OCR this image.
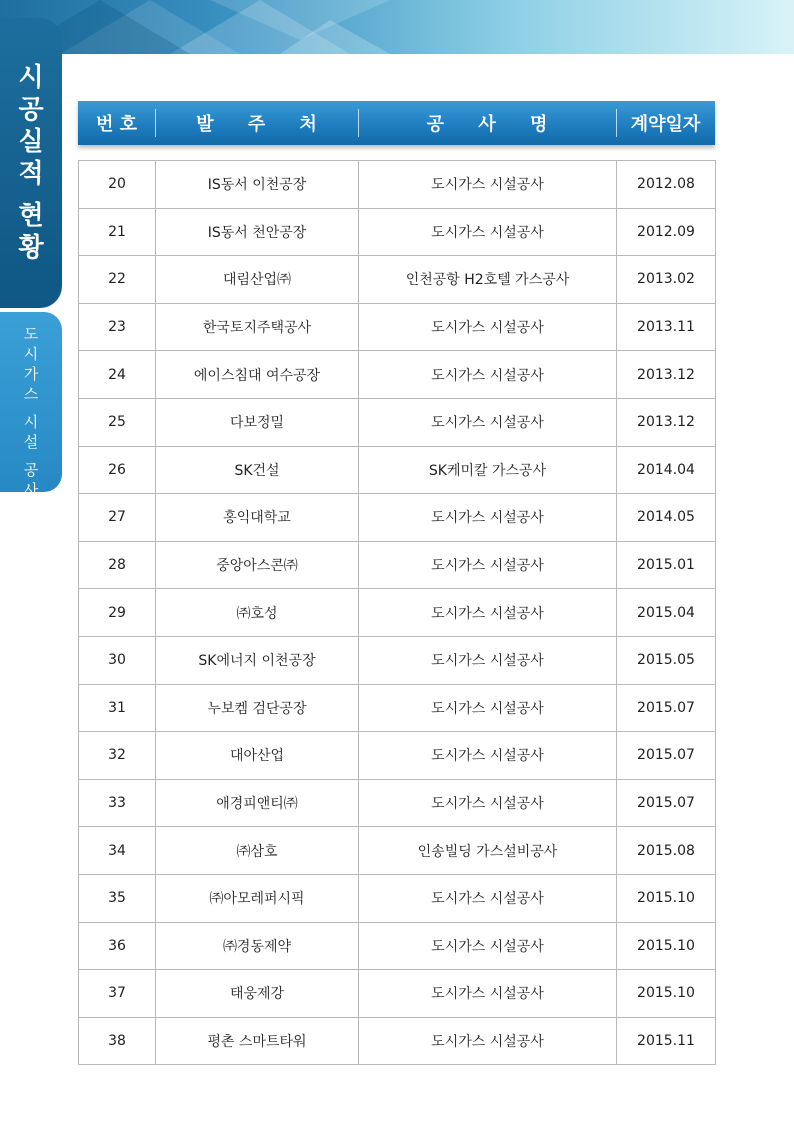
시
공
실
적
현
황
도
시
가
스
시
설
공
사
번 호	발 주 처	공 사 명	계약일자
20	IS동서 이천공장	도시가스 시설공사	2012.08
21	IS동서 천안공장	도시가스 시설공사	2012.09
22	대림산업㈜	인천공항 H2호텔 가스공사	2013.02
23	한국토지주택공사	도시가스 시설공사	2013.11
24	에이스침대 여수공장	도시가스 시설공사	2013.12
25	다보정밀	도시가스 시설공사	2013.12
26	SK건설	SK케미칼 가스공사	2014.04
27	홍익대학교	도시가스 시설공사	2014.05
28	중앙아스콘㈜	도시가스 시설공사	2015.01
29	㈜호성	도시가스 시설공사	2015.04
30	SK에너지 이천공장	도시가스 시설공사	2015.05
31	누보켐 검단공장	도시가스 시설공사	2015.07
32	대아산업	도시가스 시설공사	2015.07
33	애경피앤티㈜	도시가스 시설공사	2015.07
34	㈜삼호	인송빌딩 가스설비공사	2015.08
35	㈜아모레퍼시픽	도시가스 시설공사	2015.10
36	㈜경동제약	도시가스 시설공사	2015.10
37	태웅제강	도시가스 시설공사	2015.10
38	평촌 스마트타워	도시가스 시설공사	2015.11
